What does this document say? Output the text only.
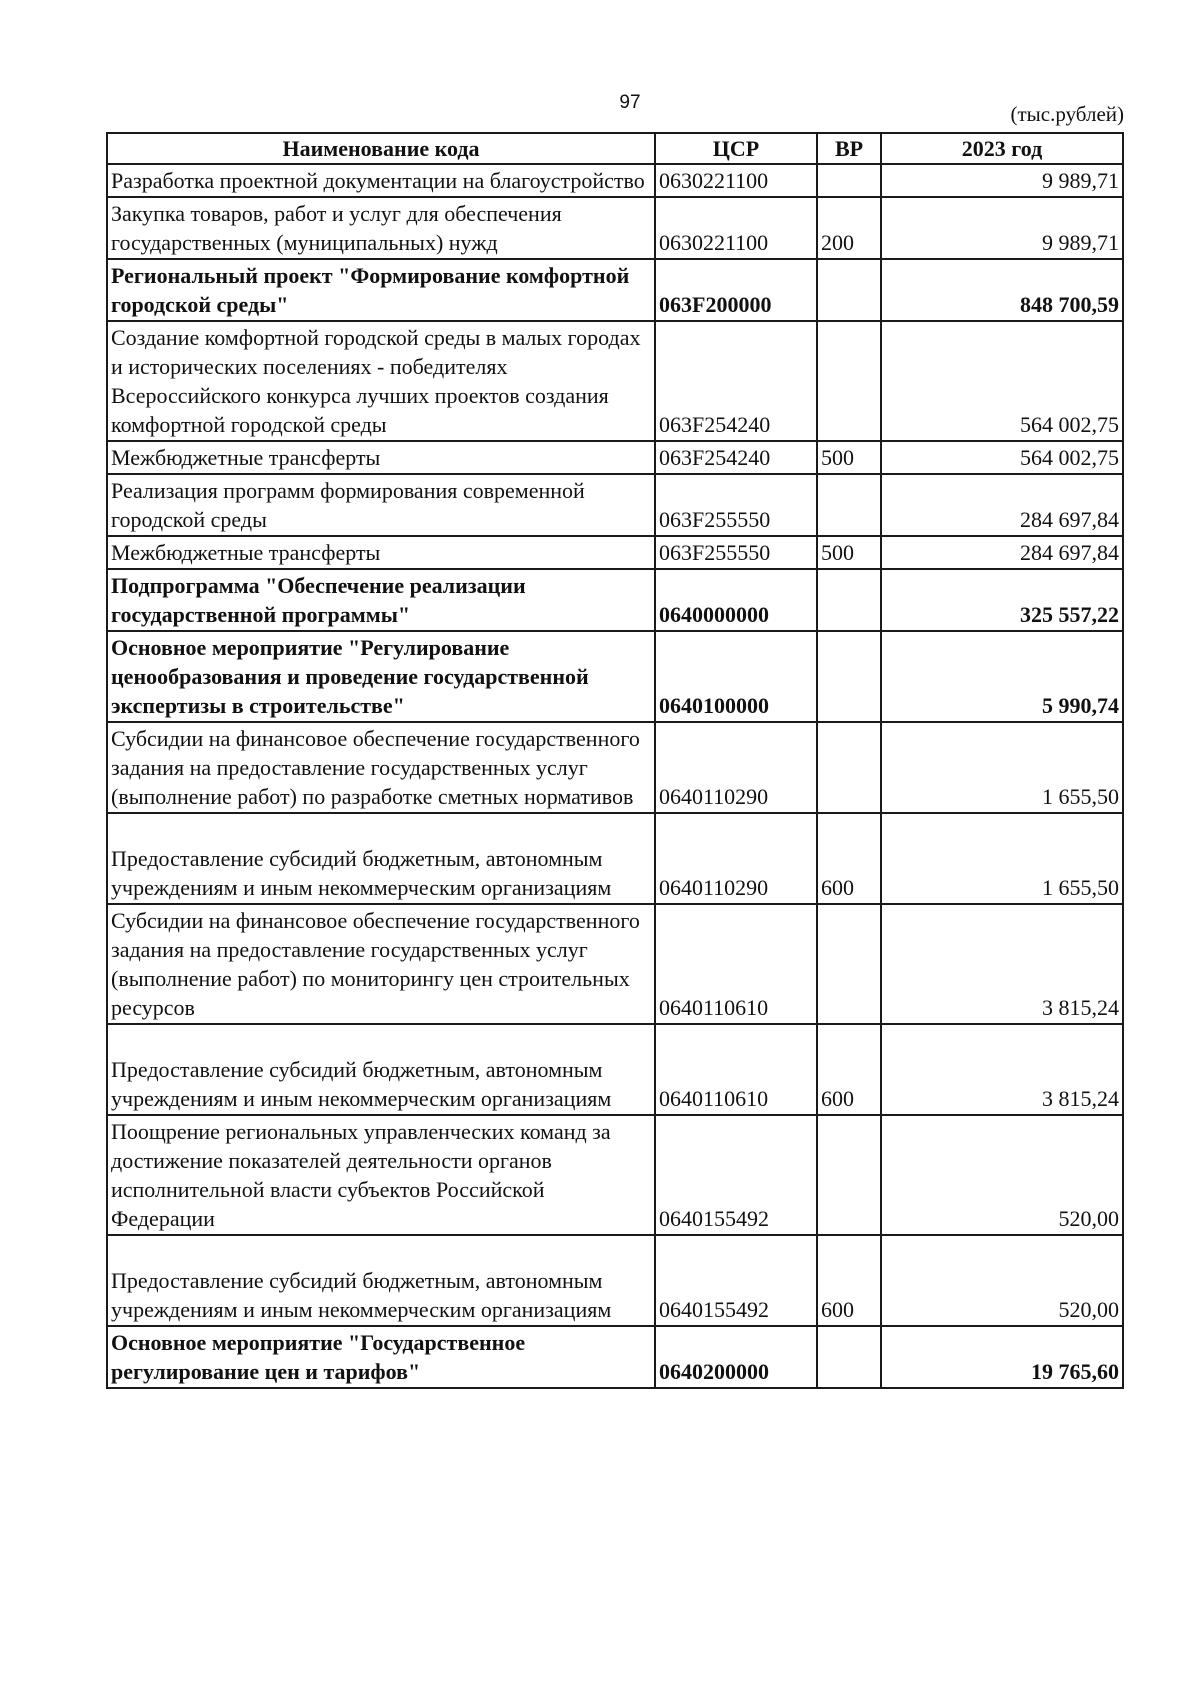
97	(тыс.рублей)
Наименование кода	ЦСР	ВР	2023 год
Разработка проектной документации на благоустройство	0630221100		9 989,71
Закупка товаров, работ и услуг для обеспечения государственных (муниципальных) нужд	0630221100	200	9 989,71
Региональный проект "Формирование комфортной городской среды"	063F200000		848 700,59
Создание комфортной городской среды в малых городах и исторических поселениях - победителях Всероссийского конкурса лучших проектов создания комфортной городской среды	063F254240		564 002,75
Межбюджетные трансферты	063F254240	500	564 002,75
Реализация программ формирования современной городской среды	063F255550		284 697,84
Межбюджетные трансферты	063F255550	500	284 697,84
Подпрограмма "Обеспечение реализации государственной программы"	0640000000		325 557,22
Основное мероприятие "Регулирование ценообразования и проведение государственной экспертизы в строительстве"	0640100000		5 990,74
Субсидии на финансовое обеспечение государственного задания на предоставление государственных услуг (выполнение работ) по разработке сметных нормативов	0640110290		1 655,50

Предоставление субсидий бюджетным, автономным учреждениям и иным некоммерческим организациям	0640110290	600	1 655,50
Субсидии на финансовое обеспечение государственного задания на предоставление государственных услуг (выполнение работ) по мониторингу цен строительных ресурсов	0640110610		3 815,24

Предоставление субсидий бюджетным, автономным учреждениям и иным некоммерческим организациям	0640110610	600	3 815,24
Поощрение региональных управленческих команд за достижение показателей деятельности органов исполнительной власти субъектов Российской Федерации	0640155492		520,00

Предоставление субсидий бюджетным, автономным учреждениям и иным некоммерческим организациям	0640155492	600	520,00
Основное мероприятие "Государственное регулирование цен и тарифов"	0640200000		19 765,60
